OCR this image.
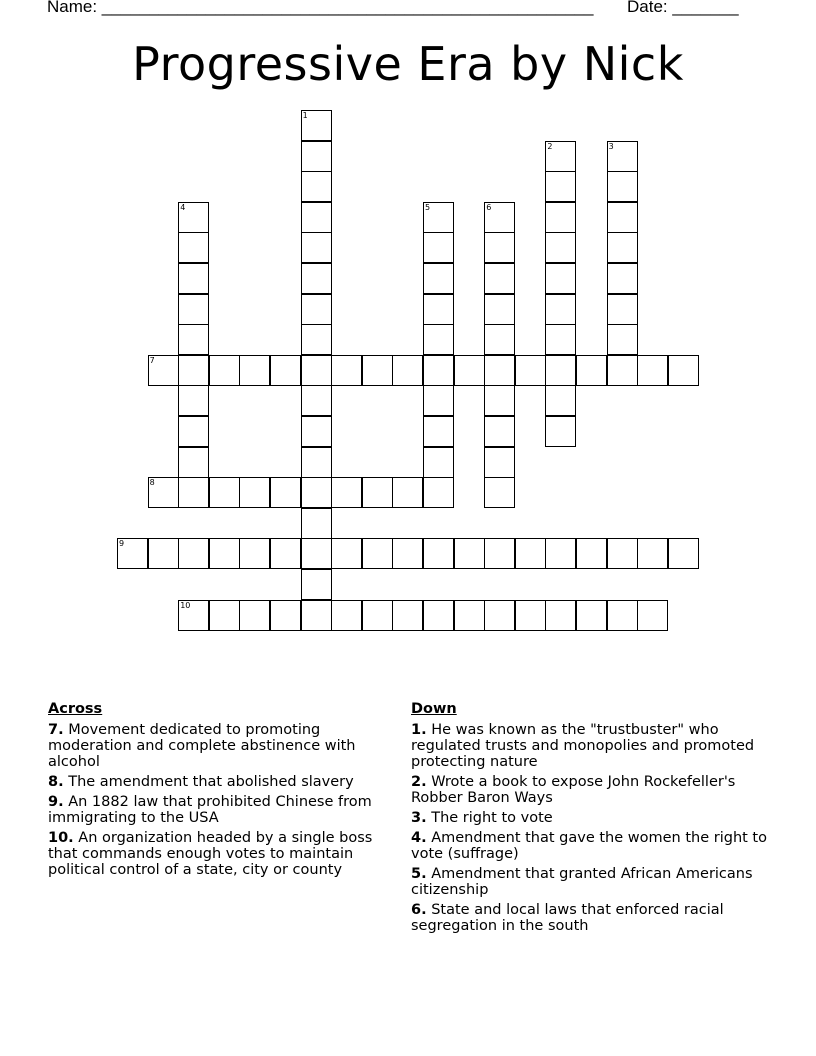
Name: ____________________________________________________ Date: _______
Progressive Era by Nick
1
2	3
4	5	6
7
8
9
10
Across
7. Movement dedicated to promoting moderation and complete abstinence with alcohol
8. The amendment that abolished slavery
9. An 1882 law that prohibited Chinese from immigrating to the USA
10. An organization headed by a single boss that commands enough votes to maintain political control of a state, city or county
Down
1. He was known as the "trustbuster" who regulated trusts and monopolies and promoted protecting nature
2. Wrote a book to expose John Rockefeller's Robber Baron Ways
3. The right to vote
4. Amendment that gave the women the right to vote (suffrage)
5. Amendment that granted African Americans citizenship
6. State and local laws that enforced racial segregation in the south
